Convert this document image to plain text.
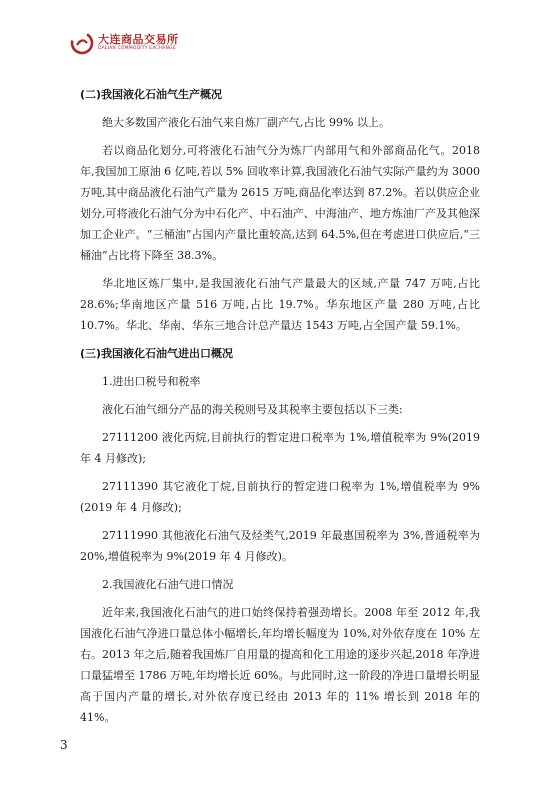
大连商品交易所
DALIAN COMMODITY EXCHANGE
(二)我国液化石油气生产概况

绝大多数国产液化石油气来自炼厂副产气,占比 99% 以上。

若以商品化划分,可将液化石油气分为炼厂内部用气和外部商品化气。2018 年,我国加工原油 6 亿吨,若以 5% 回收率计算,我国液化石油气实际产量约为 3000 万吨,其中商品液化石油气产量为 2615 万吨,商品化率达到 87.2%。若以供应企业划分,可将液化石油气分为中石化产、中石油产、中海油产、地方炼油厂产及其他深加工企业产。“三桶油”占国内产量比重较高,达到 64.5%,但在考虑进口供应后,“三桶油”占比将下降至 38.3%。

华北地区炼厂集中,是我国液化石油气产量最大的区域,产量 747 万吨,占比 28.6%;华南地区产量 516 万吨,占比 19.7%。华东地区产量 280 万吨,占比 10.7%。华北、华南、华东三地合计总产量达 1543 万吨,占全国产量 59.1%。

(三)我国液化石油气进出口概况

1.进出口税号和税率

液化石油气细分产品的海关税则号及其税率主要包括以下三类:

27111200 液化丙烷,目前执行的暂定进口税率为 1%,增值税率为 9%(2019 年 4 月修改);

27111390 其它液化丁烷,目前执行的暂定进口税率为 1%,增值税率为 9%(2019 年 4 月修改);

27111990 其他液化石油气及烃类气,2019 年最惠国税率为 3%,普通税率为 20%,增值税率为 9%(2019 年 4 月修改)。

2.我国液化石油气进口情况

近年来,我国液化石油气的进口始终保持着强劲增长。2008 年至 2012 年,我国液化石油气净进口量总体小幅增长,年均增长幅度为 10%,对外依存度在 10% 左右。2013 年之后,随着我国炼厂自用量的提高和化工用途的逐步兴起,2018 年净进口量猛增至 1786 万吨,年均增长近 60%。与此同时,这一阶段的净进口量增长明显高于国内产量的增长,对外依存度已经由 2013 年的 11% 增长到 2018 年的 41%。

3
